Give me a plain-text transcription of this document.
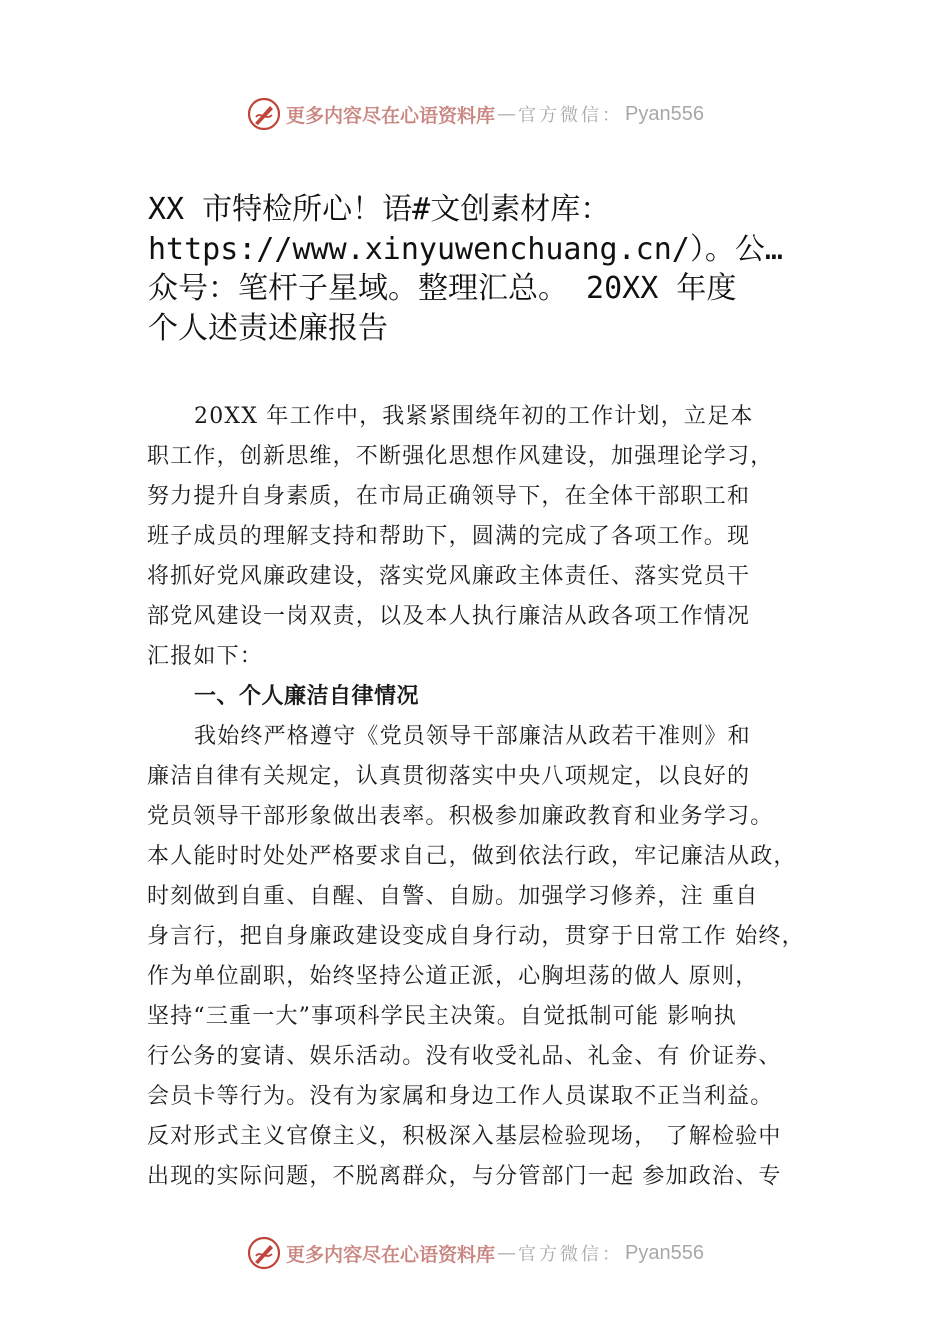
更多内容尽在心语资料库 — 官方微信： Pyan556
XX 市特检所心！语#文创素材库：
https://www.xinyuwenchuang.cn/）。公…
众号：笔杆子星域。整理汇总。 20XX 年度
个人述责述廉报告
20XX 年工作中，我紧紧围绕年初的工作计划，立足本
职工作，创新思维，不断强化思想作风建设，加强理论学习，
努力提升自身素质，在市局正确领导下，在全体干部职工和
班子成员的理解支持和帮助下，圆满的完成了各项工作。现
将抓好党风廉政建设，落实党风廉政主体责任、落实党员干
部党风建设一岗双责，以及本人执行廉洁从政各项工作情况
汇报如下：
一、个人廉洁自律情况
我始终严格遵守《党员领导干部廉洁从政若干准则》和
廉洁自律有关规定，认真贯彻落实中央八项规定，以良好的
党员领导干部形象做出表率。积极参加廉政教育和业务学习。
本人能时时处处严格要求自己，做到依法行政，牢记廉洁从政，
时刻做到自重、自醒、自警、自励。加强学习修养，注 重自
身言行，把自身廉政建设变成自身行动，贯穿于日常工作 始终，
作为单位副职，始终坚持公道正派，心胸坦荡的做人 原则，
坚持“三重一大”事项科学民主决策。自觉抵制可能 影响执
行公务的宴请、娱乐活动。没有收受礼品、礼金、有 价证券、
会员卡等行为。没有为家属和身边工作人员谋取不正当利益。
反对形式主义官僚主义，积极深入基层检验现场， 了解检验中
出现的实际问题，不脱离群众，与分管部门一起 参加政治、专
更多内容尽在心语资料库 — 官方微信： Pyan556
